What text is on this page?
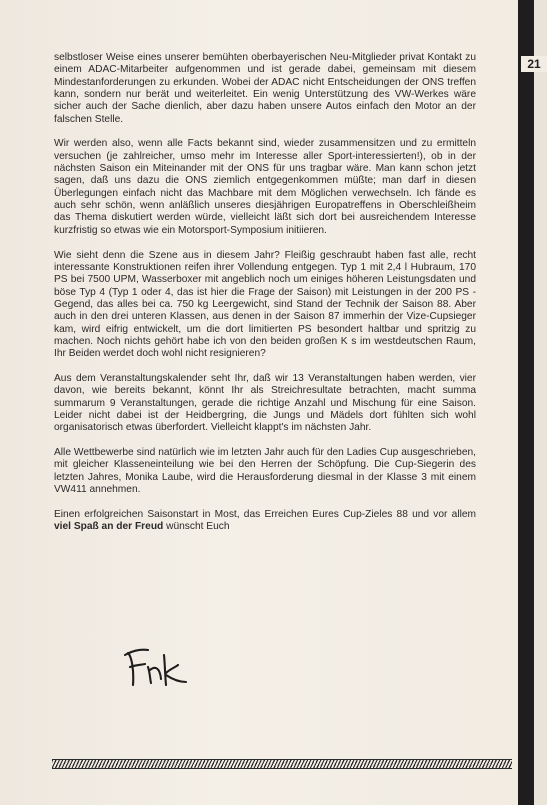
21

selbstloser Weise eines unserer bemühten oberbayerischen Neu-Mitglieder privat Kontakt zu einem ADAC-Mitarbeiter aufgenommen und ist gerade dabei, gemeinsam mit diesem Mindestanforderungen zu erkunden. Wobei der ADAC nicht Entscheidungen der ONS treffen kann, sondern nur berät und weiterleitet. Ein wenig Unterstützung des VW-Werkes wäre sicher auch der Sache dienlich, aber dazu haben unsere Autos einfach den Motor an der falschen Stelle.

Wir werden also, wenn alle Facts bekannt sind, wieder zusammensitzen und zu ermitteln versuchen (je zahlreicher, umso mehr im Interesse aller Sport-interessierten!), ob in der nächsten Saison ein Miteinander mit der ONS für uns tragbar wäre. Man kann schon jetzt sagen, daß uns dazu die ONS ziemlich entgegenkommen müßte; man darf in diesen Überlegungen einfach nicht das Machbare mit dem Möglichen verwechseln. Ich fände es auch sehr schön, wenn anläßlich unseres diesjährigen Europatreffens in Oberschleißheim das Thema diskutiert werden würde, vielleicht läßt sich dort bei ausreichendem Interesse kurzfristig so etwas wie ein Motorsport-Symposium initiieren.

Wie sieht denn die Szene aus in diesem Jahr? Fleißig geschraubt haben fast alle, recht interessante Konstruktionen reifen ihrer Vollendung entgegen. Typ 1 mit 2,4 l Hubraum, 170 PS bei 7500 UPM, Wasserboxer mit angeblich noch um einiges höheren Leistungsdaten und böse Typ 4 (Typ 1 oder 4, das ist hier die Frage der Saison) mit Leistungen in der 200 PS -Gegend, das alles bei ca. 750 kg Leergewicht, sind Stand der Technik der Saison 88. Aber auch in den drei unteren Klassen, aus denen in der Saison 87 immerhin der Vize-Cupsieger kam, wird eifrig entwickelt, um die dort limitierten PS besondert haltbar und spritzig zu machen. Noch nichts gehört habe ich von den beiden großen K s im westdeutschen Raum, Ihr Beiden werdet doch wohl nicht resignieren?

Aus dem Veranstaltungskalender seht Ihr, daß wir 13 Veranstaltungen haben werden, vier davon, wie bereits bekannt, könnt Ihr als Streichresultate betrachten, macht summa summarum 9 Veranstaltungen, gerade die richtige Anzahl und Mischung für eine Saison. Leider nicht dabei ist der Heidbergring, die Jungs und Mädels dort fühlten sich wohl organisatorisch etwas überfordert. Vielleicht klappt's im nächsten Jahr.

Alle Wettbewerbe sind natürlich wie im letzten Jahr auch für den Ladies Cup ausgeschrieben, mit gleicher Klasseneinteilung wie bei den Herren der Schöpfung. Die Cup-Siegerin des letzten Jahres, Monika Laube, wird die Herausforderung diesmal in der Klasse 3 mit einem VW411 annehmen.

Einen erfolgreichen Saisonstart in Most, das Erreichen Eures Cup-Zieles 88 und vor allem viel Spaß an der Freud wünscht Euch
